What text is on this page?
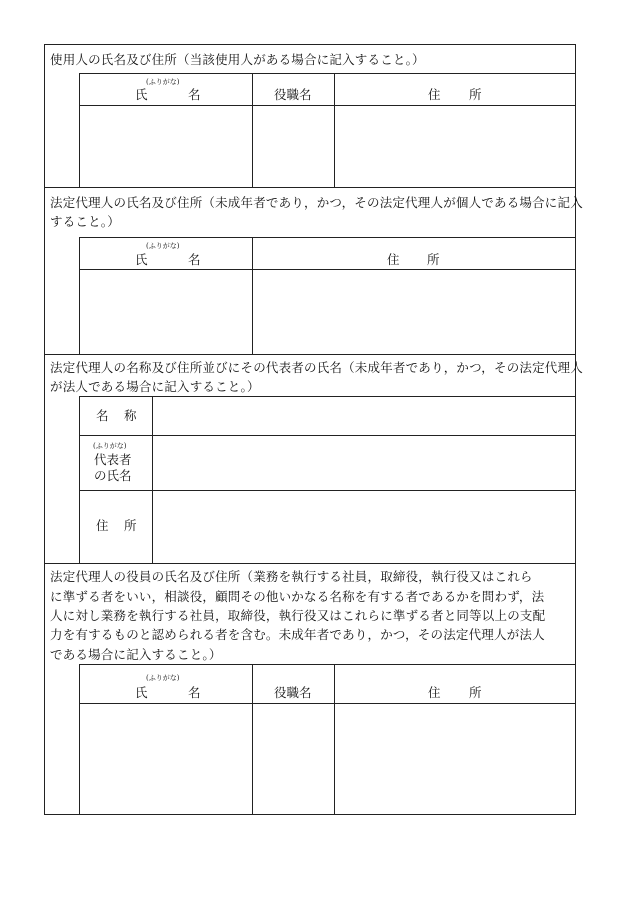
使用人の氏名及び住所（当該使用人がある場合に記入すること。）
(ふりがな)
氏	名	役職名	住 所
法定代理人の氏名及び住所（未成年者であり，かつ，その法定代理人が個人である場合に記入
すること。）
(ふりがな)
氏	名	住 所
法定代理人の名称及び住所並びにその代表者の氏名（未成年者であり，かつ，その法定代理人
が法人である場合に記入すること。）
名 称
(ふりがな)
代表者
の氏名
住 所
法定代理人の役員の氏名及び住所（業務を執行する社員，取締役，執行役又はこれら
に準ずる者をいい，相談役，顧問その他いかなる名称を有する者であるかを問わず，法
人に対し業務を執行する社員，取締役，執行役又はこれらに準ずる者と同等以上の支配
力を有するものと認められる者を含む。未成年者であり，かつ，その法定代理人が法人
である場合に記入すること。）
(ふりがな)
氏	名	役職名	住 所
